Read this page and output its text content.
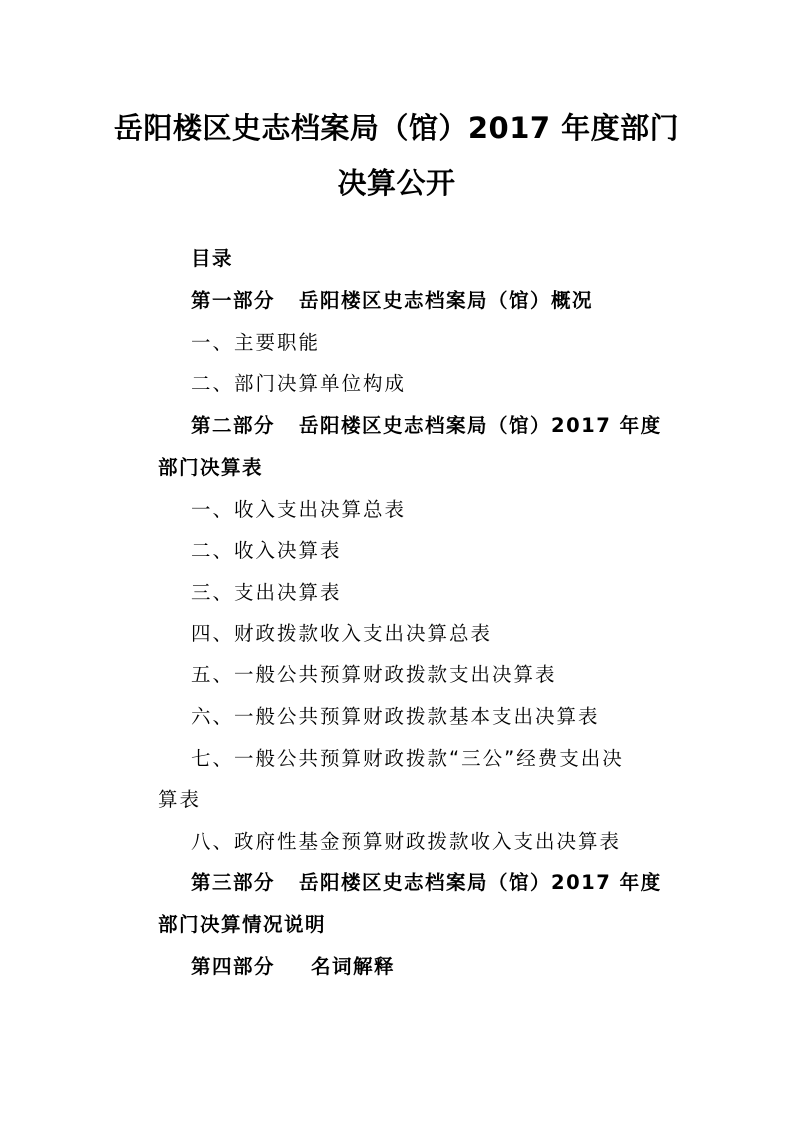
岳阳楼区史志档案局（馆）2017 年度部门
决算公开
目录
第一部分 岳阳楼区史志档案局（馆）概况
一、主要职能
二、部门决算单位构成
第二部分 岳阳楼区史志档案局（馆）2017 年度
部门决算表
一、收入支出决算总表
二、收入决算表
三、支出决算表
四、财政拨款收入支出决算总表
五、一般公共预算财政拨款支出决算表
六、一般公共预算财政拨款基本支出决算表
七、一般公共预算财政拨款“三公”经费支出决
算表
八、政府性基金预算财政拨款收入支出决算表
第三部分 岳阳楼区史志档案局（馆）2017 年度
部门决算情况说明
第四部分 名词解释
